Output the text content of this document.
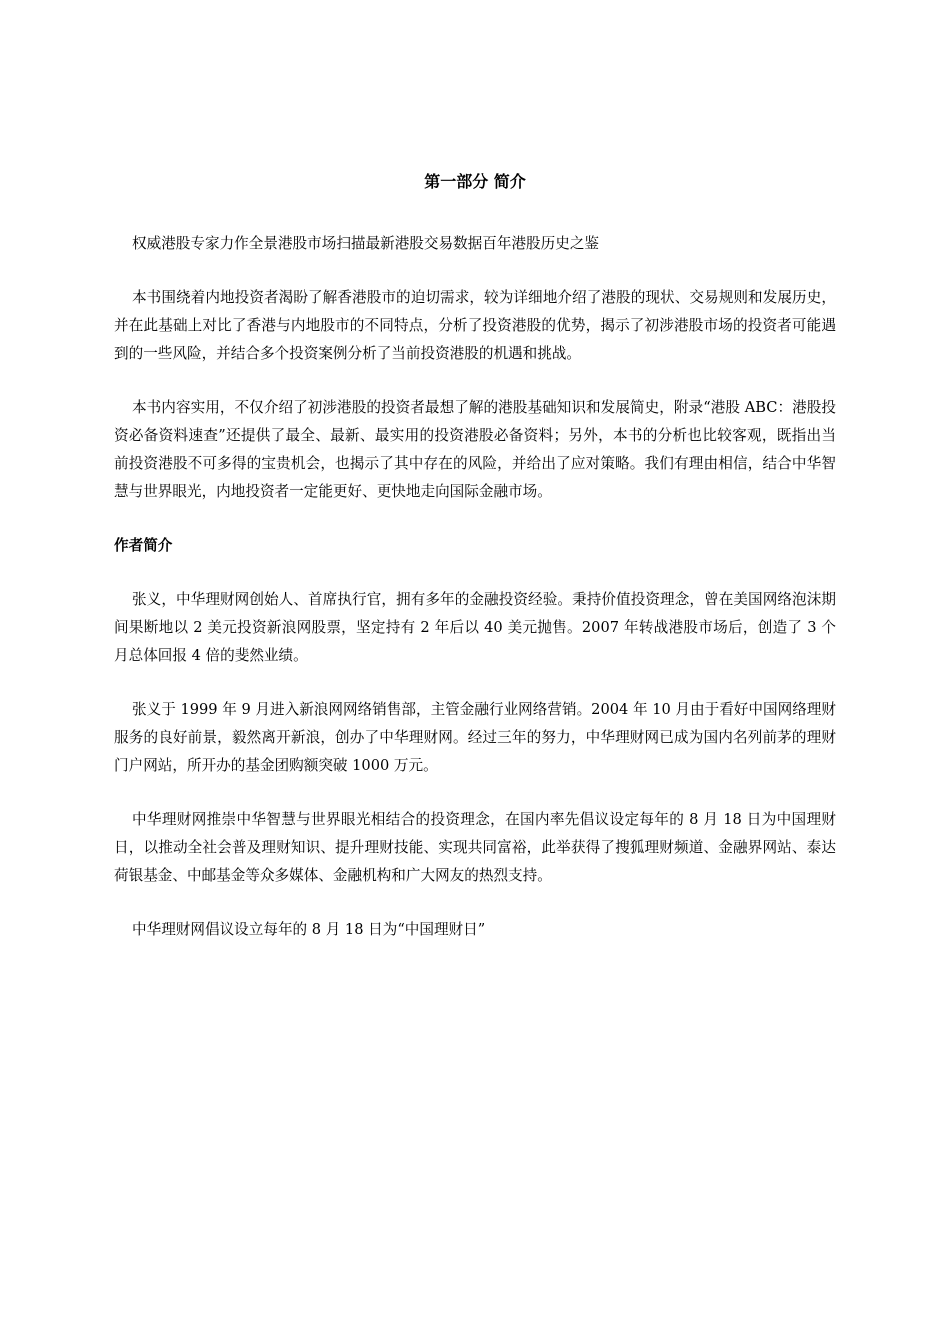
第一部分 简介

权威港股专家力作全景港股市场扫描最新港股交易数据百年港股历史之鉴

本书围绕着内地投资者渴盼了解香港股市的迫切需求，较为详细地介绍了港股的现状、交易规则和发展历史，并在此基础上对比了香港与内地股市的不同特点，分析了投资港股的优势，揭示了初涉港股市场的投资者可能遇到的一些风险，并结合多个投资案例分析了当前投资港股的机遇和挑战。

本书内容实用，不仅介绍了初涉港股的投资者最想了解的港股基础知识和发展简史，附录“港股 ABC：港股投资必备资料速查”还提供了最全、最新、最实用的投资港股必备资料；另外，本书的分析也比较客观，既指出当前投资港股不可多得的宝贵机会，也揭示了其中存在的风险，并给出了应对策略。我们有理由相信，结合中华智慧与世界眼光，内地投资者一定能更好、更快地走向国际金融市场。

作者简介

张义，中华理财网创始人、首席执行官，拥有多年的金融投资经验。秉持价值投资理念，曾在美国网络泡沫期间果断地以 2 美元投资新浪网股票，坚定持有 2 年后以 40 美元抛售。2007 年转战港股市场后，创造了 3 个月总体回报 4 倍的斐然业绩。

张义于 1999 年 9 月进入新浪网网络销售部，主管金融行业网络营销。2004 年 10 月由于看好中国网络理财服务的良好前景，毅然离开新浪，创办了中华理财网。经过三年的努力，中华理财网已成为国内名列前茅的理财门户网站，所开办的基金团购额突破 1000 万元。

中华理财网推崇中华智慧与世界眼光相结合的投资理念，在国内率先倡议设定每年的 8 月 18 日为中国理财日，以推动全社会普及理财知识、提升理财技能、实现共同富裕，此举获得了搜狐理财频道、金融界网站、泰达荷银基金、中邮基金等众多媒体、金融机构和广大网友的热烈支持。

中华理财网倡议设立每年的 8 月 18 日为“中国理财日”
